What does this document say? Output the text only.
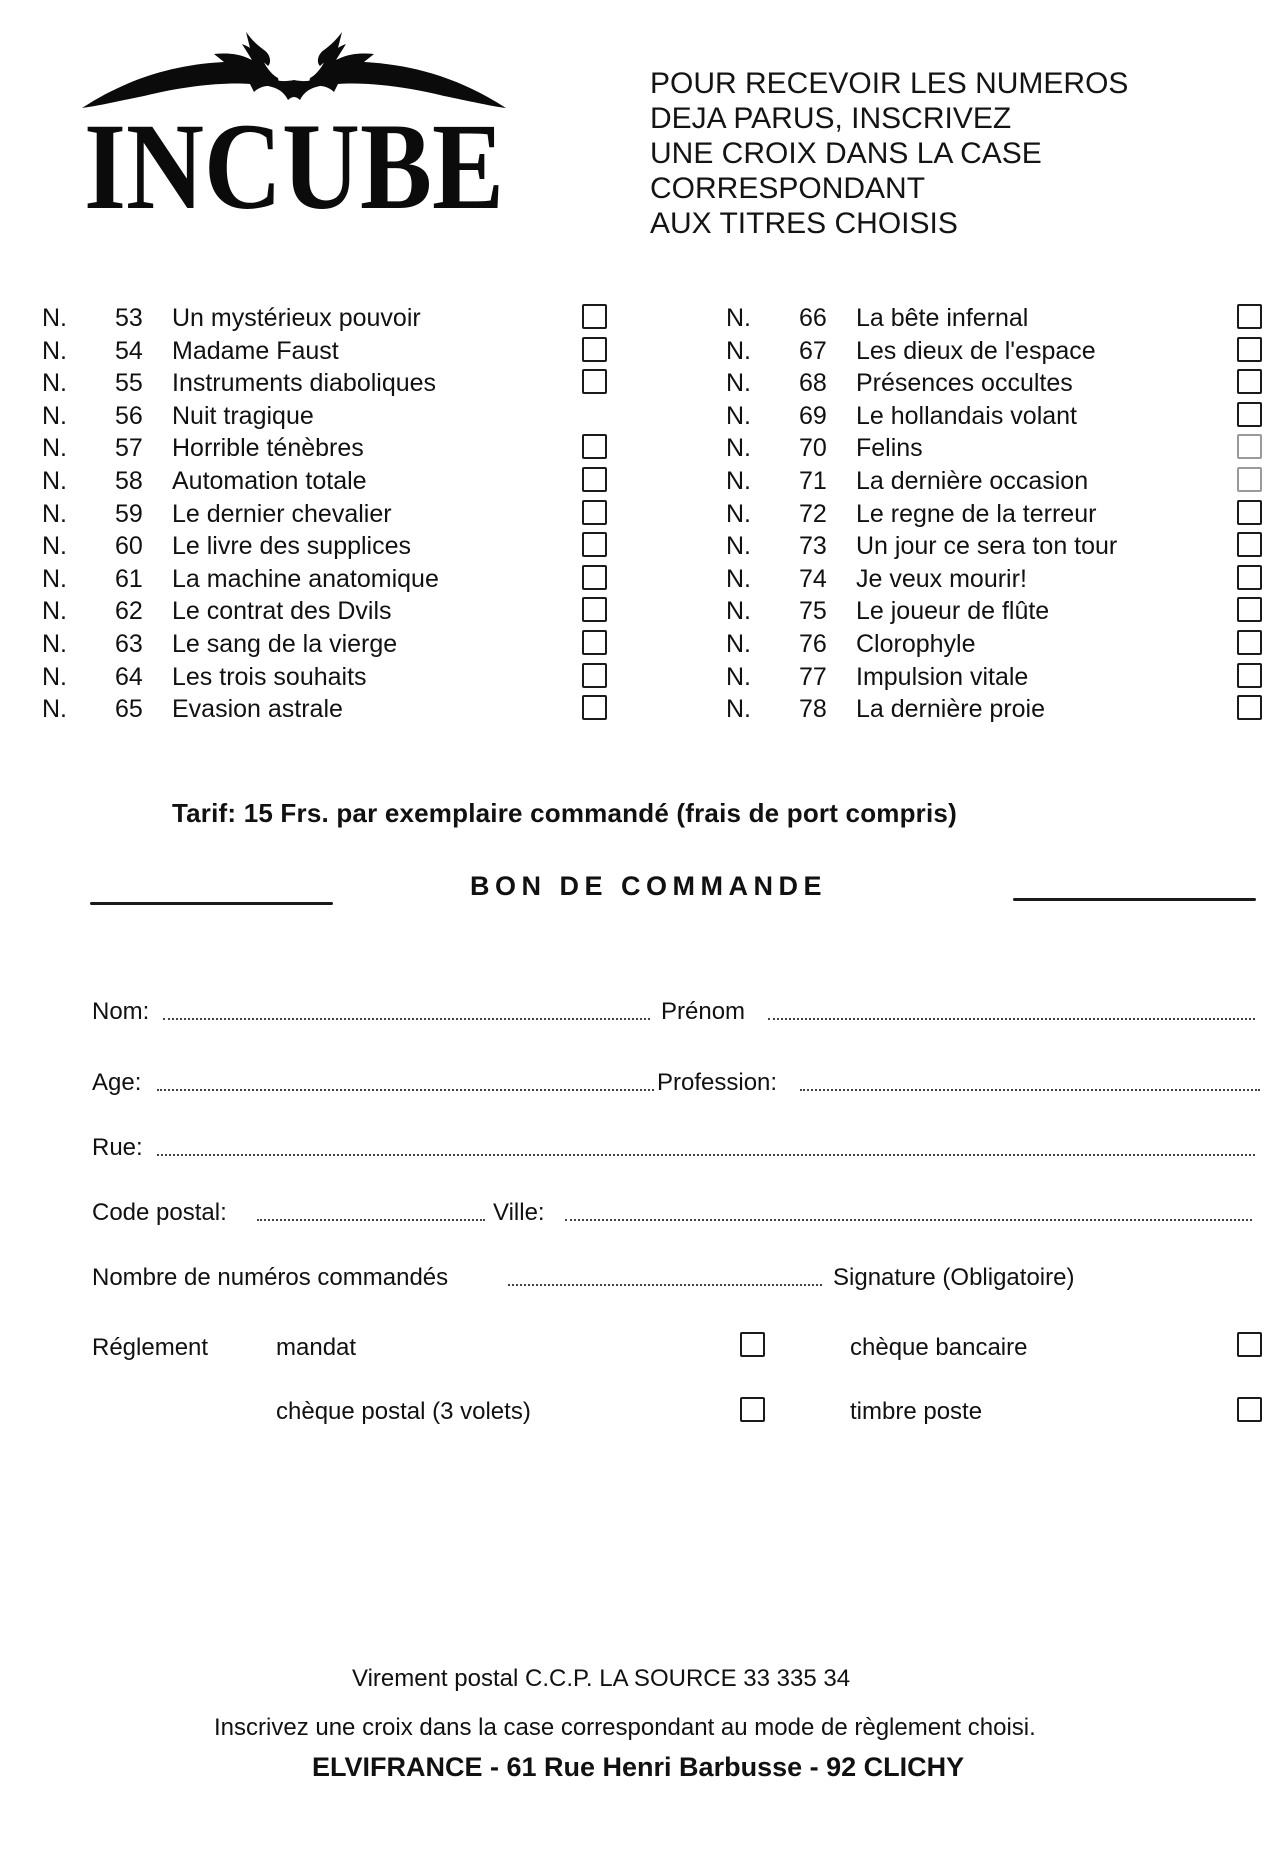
INCUBE
POUR RECEVOIR LES NUMEROS
DEJA PARUS, INSCRIVEZ
UNE CROIX DANS LA CASE
CORRESPONDANT
AUX TITRES CHOISIS
N. 53 Un mystérieux pouvoir
N. 54 Madame Faust
N. 55 Instruments diaboliques
N. 56 Nuit tragique
N. 57 Horrible ténèbres
N. 58 Automation totale
N. 59 Le dernier chevalier
N. 60 Le livre des supplices
N. 61 La machine anatomique
N. 62 Le contrat des Dvils
N. 63 Le sang de la vierge
N. 64 Les trois souhaits
N. 65 Evasion astrale
N. 66 La bête infernal
N. 67 Les dieux de l'espace
N. 68 Présences occultes
N. 69 Le hollandais volant
N. 70 Felins
N. 71 La dernière occasion
N. 72 Le regne de la terreur
N. 73 Un jour ce sera ton tour
N. 74 Je veux mourir!
N. 75 Le joueur de flûte
N. 76 Clorophyle
N. 77 Impulsion vitale
N. 78 La dernière proie
Tarif: 15 Frs. par exemplaire commandé (frais de port compris)
BON DE COMMANDE
Nom:	Prénom
Age:	Profession:
Rue:
Code postal:	Ville:
Nombre de numéros commandés	Signature (Obligatoire)
Réglement	mandat	chèque bancaire
chèque postal (3 volets)	timbre poste
Virement postal C.C.P. LA SOURCE 33 335 34
Inscrivez une croix dans la case correspondant au mode de règlement choisi.
ELVIFRANCE - 61 Rue Henri Barbusse - 92 CLICHY
